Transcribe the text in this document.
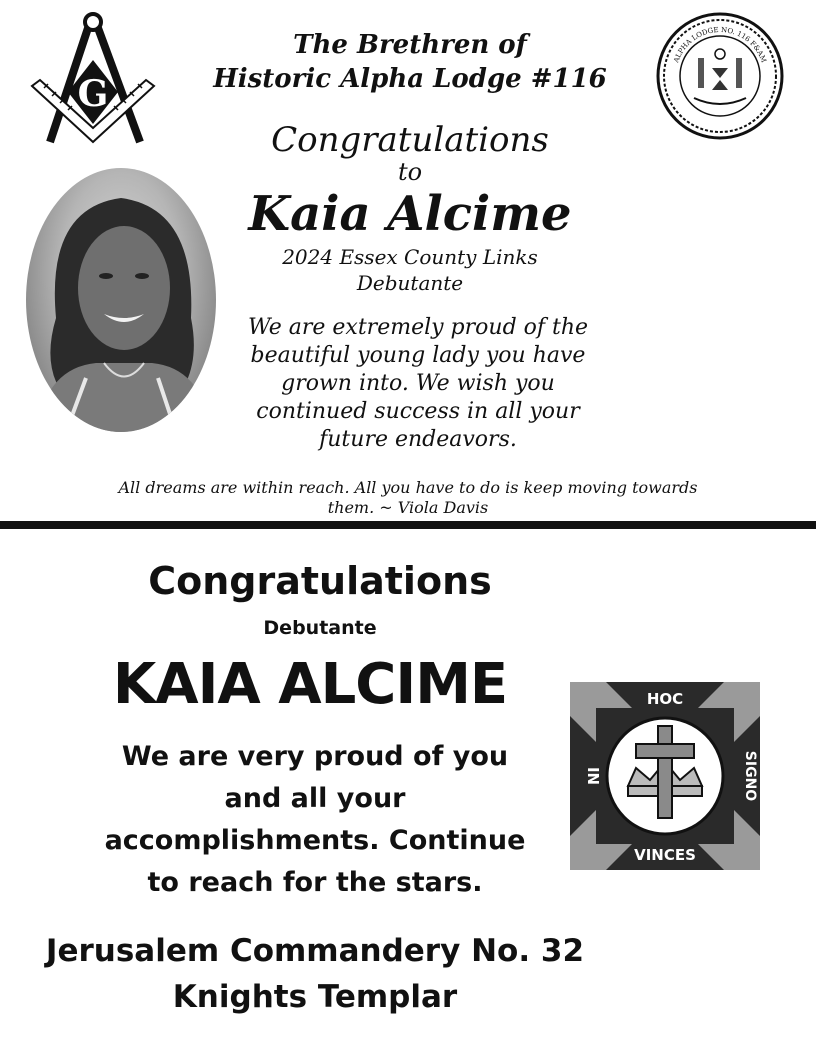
G
The Brethren of
Historic Alpha Lodge #116
ALPHA LODGE NO. 116 F&AM
Congratulations
to
Kaia Alcime
2024 Essex County Links
Debutante
We are extremely proud of the
beautiful young lady you have
grown into. We wish you
continued success in all your
future endeavors.
All dreams are within reach. All you have to do is keep moving towards
them. ~ Viola Davis
Congratulations
Debutante
KAIA ALCIME
We are very proud of you
and all your
accomplishments. Continue
to reach for the stars.
HOC
IN	SIGNO
VINCES
Jerusalem Commandery No. 32
Knights Templar
